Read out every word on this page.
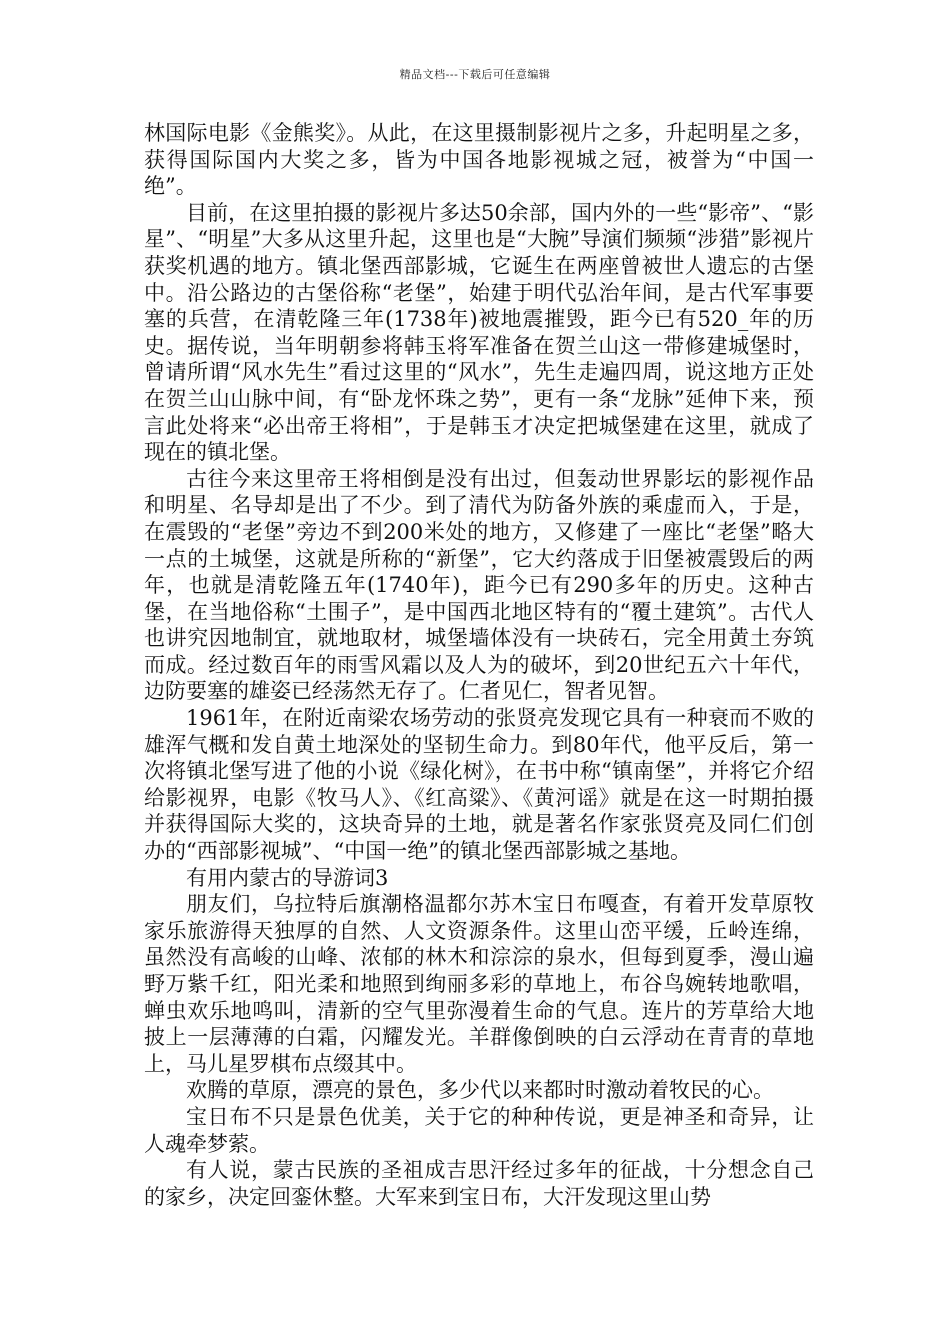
精品文档---下载后可任意编辑

林国际电影《金熊奖》。从此，在这里摄制影视片之多，升起明星之多，获得国际国内大奖之多，皆为中国各地影视城之冠，被誉为“中国一绝”。

目前，在这里拍摄的影视片多达50余部，国内外的一些“影帝”、“影星”、“明星”大多从这里升起，这里也是“大腕”导演们频频“涉猎”影视片获奖机遇的地方。镇北堡西部影城，它诞生在两座曾被世人遗忘的古堡中。沿公路边的古堡俗称“老堡”，始建于明代弘治年间，是古代军事要塞的兵营，在清乾隆三年(1738年)被地震摧毁，距今已有520_年的历史。据传说，当年明朝参将韩玉将军准备在贺兰山这一带修建城堡时，曾请所谓“风水先生”看过这里的“风水”，先生走遍四周，说这地方正处在贺兰山山脉中间，有“卧龙怀珠之势”，更有一条“龙脉”延伸下来，预言此处将来“必出帝王将相”，于是韩玉才决定把城堡建在这里，就成了现在的镇北堡。

古往今来这里帝王将相倒是没有出过，但轰动世界影坛的影视作品和明星、名导却是出了不少。到了清代为防备外族的乘虚而入，于是，在震毁的“老堡”旁边不到200米处的地方，又修建了一座比“老堡”略大一点的土城堡，这就是所称的“新堡”，它大约落成于旧堡被震毁后的两年，也就是清乾隆五年(1740年)，距今已有290多年的历史。这种古堡，在当地俗称“土围子”，是中国西北地区特有的“覆土建筑”。古代人也讲究因地制宜，就地取材，城堡墙体没有一块砖石，完全用黄土夯筑而成。经过数百年的雨雪风霜以及人为的破坏，到20世纪五六十年代，边防要塞的雄姿已经荡然无存了。仁者见仁，智者见智。

1961年，在附近南梁农场劳动的张贤亮发现它具有一种衰而不败的雄浑气概和发自黄土地深处的坚韧生命力。到80年代，他平反后，第一次将镇北堡写进了他的小说《绿化树》，在书中称“镇南堡”，并将它介绍给影视界，电影《牧马人》、《红高粱》、《黄河谣》就是在这一时期拍摄并获得国际大奖的，这块奇异的土地，就是著名作家张贤亮及同仁们创办的“西部影视城”、“中国一绝”的镇北堡西部影城之基地。

有用内蒙古的导游词3

朋友们，乌拉特后旗潮格温都尔苏木宝日布嘎查，有着开发草原牧家乐旅游得天独厚的自然、人文资源条件。这里山峦平缓，丘岭连绵，虽然没有高峻的山峰、浓郁的林木和淙淙的泉水，但每到夏季，漫山遍野万紫千红，阳光柔和地照到绚丽多彩的草地上，布谷鸟婉转地歌唱，蝉虫欢乐地鸣叫，清新的空气里弥漫着生命的气息。连片的芳草给大地披上一层薄薄的白霜，闪耀发光。羊群像倒映的白云浮动在青青的草地上，马儿星罗棋布点缀其中。

欢腾的草原，漂亮的景色，多少代以来都时时激动着牧民的心。

宝日布不只是景色优美，关于它的种种传说，更是神圣和奇异，让人魂牵梦萦。

有人说，蒙古民族的圣祖成吉思汗经过多年的征战，十分想念自己的家乡，决定回銮休整。大军来到宝日布，大汗发现这里山势
